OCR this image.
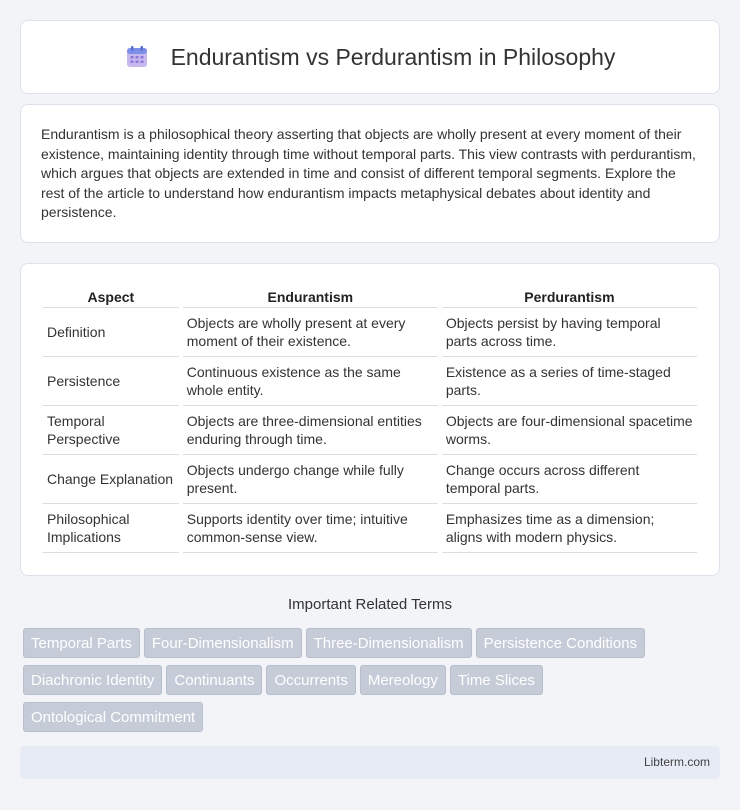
Endurantism vs Perdurantism in Philosophy

Endurantism is a philosophical theory asserting that objects are wholly present at every moment of their existence, maintaining identity through time without temporal parts. This view contrasts with perdurantism, which argues that objects are extended in time and consist of different temporal segments. Explore the rest of the article to understand how endurantism impacts metaphysical debates about identity and persistence.

Aspect	Endurantism	Perdurantism
Definition	Objects are wholly present at every moment of their existence.	Objects persist by having temporal parts across time.
Persistence	Continuous existence as the same whole entity.	Existence as a series of time-staged parts.
Temporal Perspective	Objects are three-dimensional entities enduring through time.	Objects are four-dimensional spacetime worms.
Change Explanation	Objects undergo change while fully present.	Change occurs across different temporal parts.
Philosophical Implications	Supports identity over time; intuitive common-sense view.	Emphasizes time as a dimension; aligns with modern physics.
Important Related Terms
Temporal Parts Four-Dimensionalism Three-Dimensionalism Persistence Conditions
Diachronic Identity Continuants Occurrents Mereology Time Slices
Ontological Commitment
Libterm.com
